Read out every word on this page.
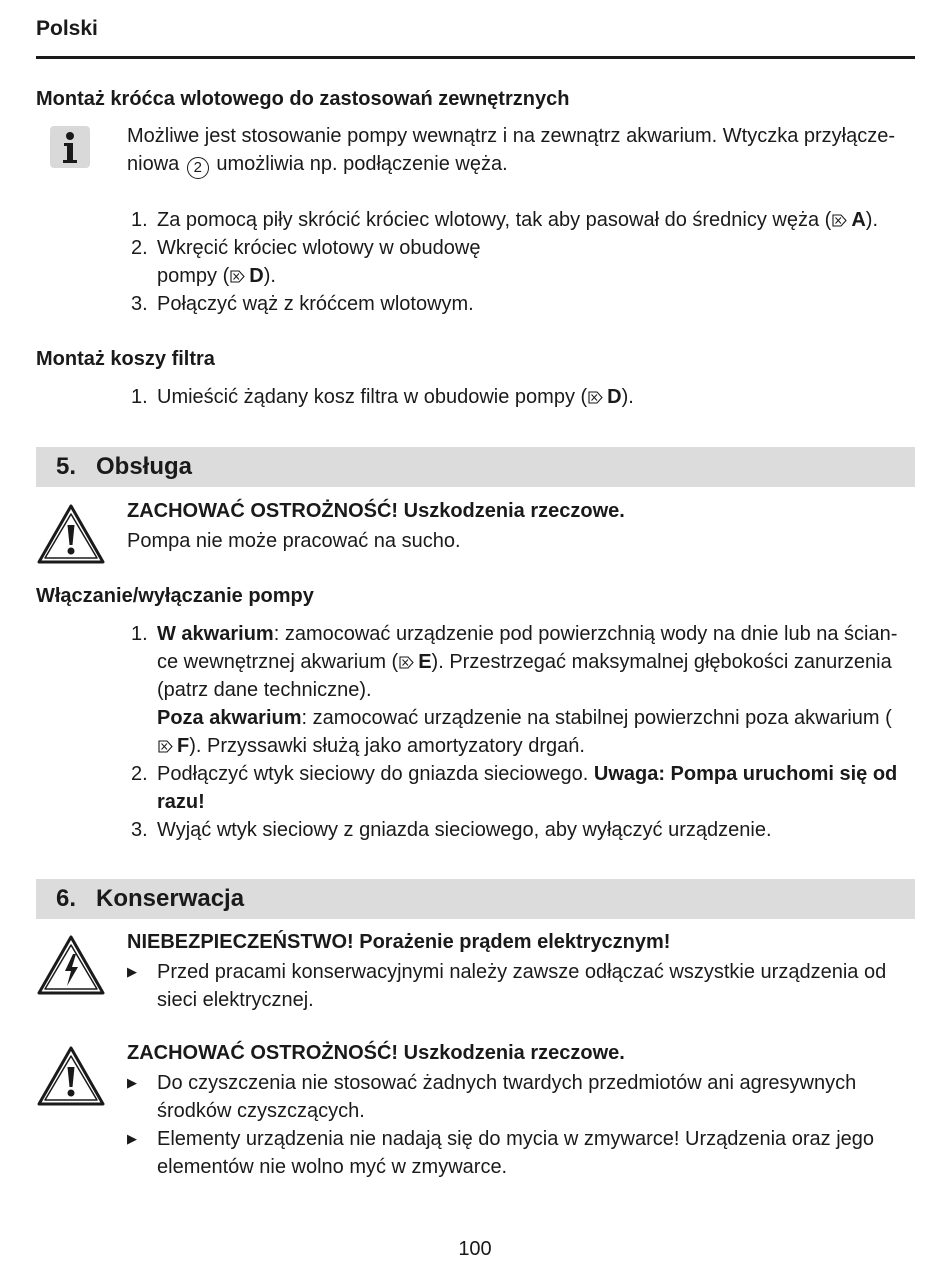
Polski
Montaż króćca wlotowego do zastosowań zewnętrznych
Możliwe jest stosowanie pompy wewnątrz i na zewnątrz akwarium. Wtyczka przyłącze-niowa 2 umożliwia np. podłączenie węża.
1. Za pomocą piły skrócić króciec wlotowy, tak aby pasował do średnicy węża ( A).
2. Wkręcić króciec wlotowy w obudowę
pompy ( D).
3. Połączyć wąż z króćcem wlotowym.
Montaż koszy filtra
1. Umieścić żądany kosz filtra w obudowie pompy ( D).
5. Obsługa
ZACHOWAĆ OSTROŻNOŚĆ! Uszkodzenia rzeczowe.
Pompa nie może pracować na sucho.
Włączanie/wyłączanie pompy
1. W akwarium: zamocować urządzenie pod powierzchnią wody na dnie lub na ścian-ce wewnętrznej akwarium ( E). Przestrzegać maksymalnej głębokości zanurzenia (patrz dane techniczne).
Poza akwarium: zamocować urządzenie na stabilnej powierzchni poza akwarium (F). Przyssawki służą jako amortyzatory drgań.
2. Podłączyć wtyk sieciowy do gniazda sieciowego. Uwaga: Pompa uruchomi się od razu!
3. Wyjąć wtyk sieciowy z gniazda sieciowego, aby wyłączyć urządzenie.
6. Konserwacja
NIEBEZPIECZEŃSTWO! Porażenie prądem elektrycznym!
▶ Przed pracami konserwacyjnymi należy zawsze odłączać wszystkie urządzenia od sieci elektrycznej.
ZACHOWAĆ OSTROŻNOŚĆ! Uszkodzenia rzeczowe.
▶ Do czyszczenia nie stosować żadnych twardych przedmiotów ani agresywnych środków czyszczących.
▶ Elementy urządzenia nie nadają się do mycia w zmywarce! Urządzenia oraz jego elementów nie wolno myć w zmywarce.
100
